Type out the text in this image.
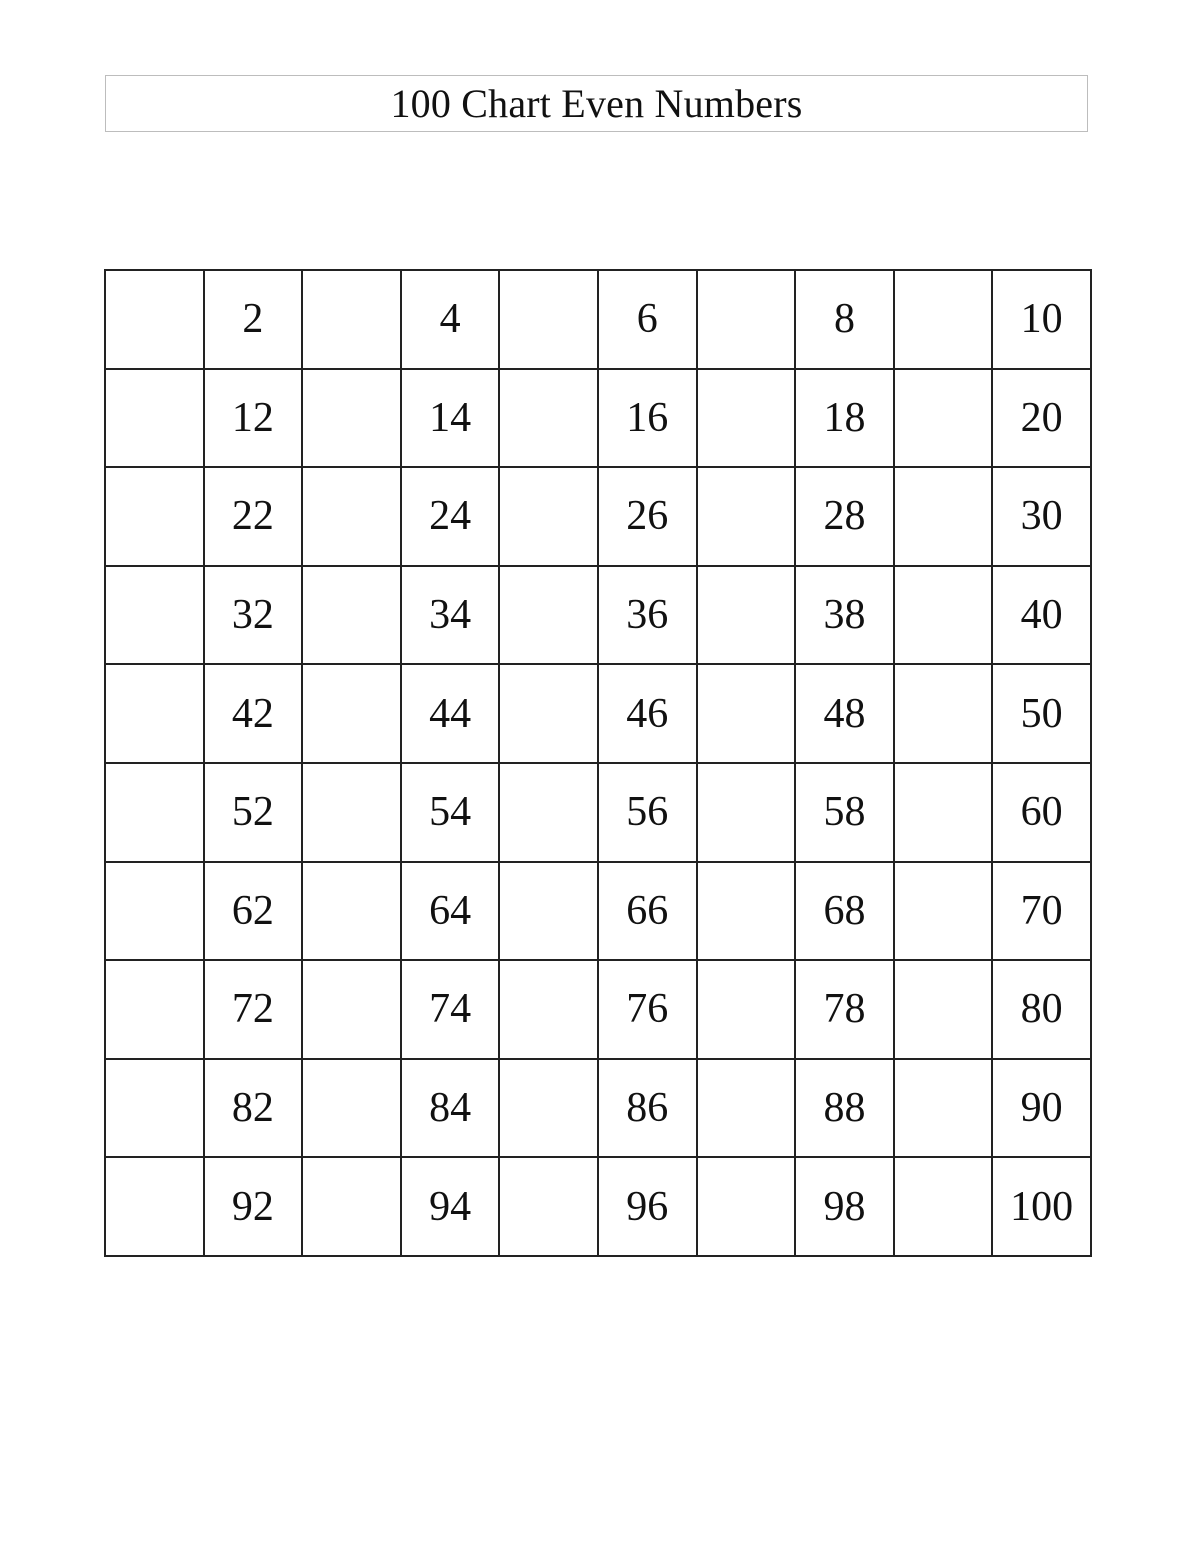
100 Chart Even Numbers
	2		4		6		8		10
	12		14		16		18		20
	22		24		26		28		30
	32		34		36		38		40
	42		44		46		48		50
	52		54		56		58		60
	62		64		66		68		70
	72		74		76		78		80
	82		84		86		88		90
	92		94		96		98		100
